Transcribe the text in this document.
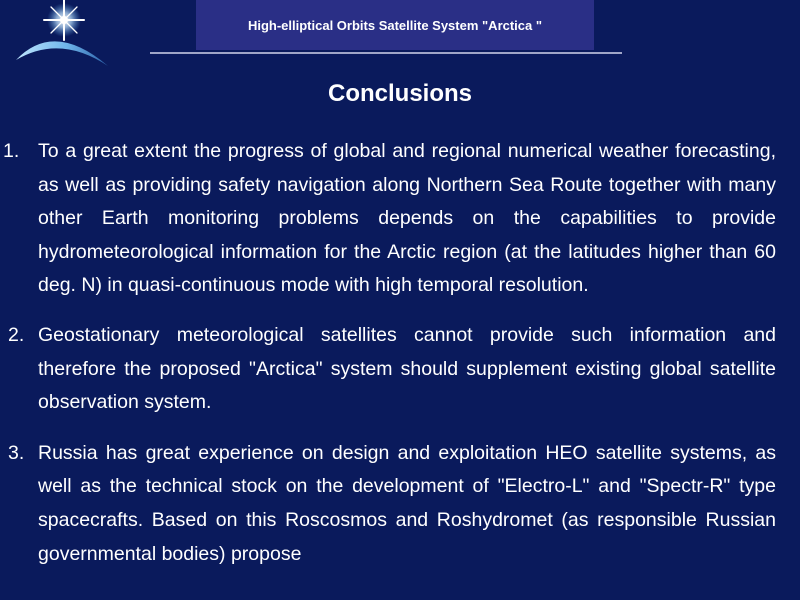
High-elliptical Orbits Satellite System "Arctica "
Conclusions
1. To a great extent the progress of global and regional numerical weather forecasting, as well as providing safety navigation along Northern Sea Route together with many other Earth monitoring problems depends on the capabilities to provide hydrometeorological information for the Arctic region (at the latitudes higher than 60 deg. N) in quasi-continuous mode with high temporal resolution.
2. Geostationary meteorological satellites cannot provide such information and therefore the proposed "Arctica" system should supplement existing global satellite observation system.
3. Russia has great experience on design and exploitation HEO satellite systems, as well as the technical stock on the development of "Electro-L" and "Spectr-R" type spacecrafts. Based on this Roscosmos and Roshydromet (as responsible Russian governmental bodies) propose
